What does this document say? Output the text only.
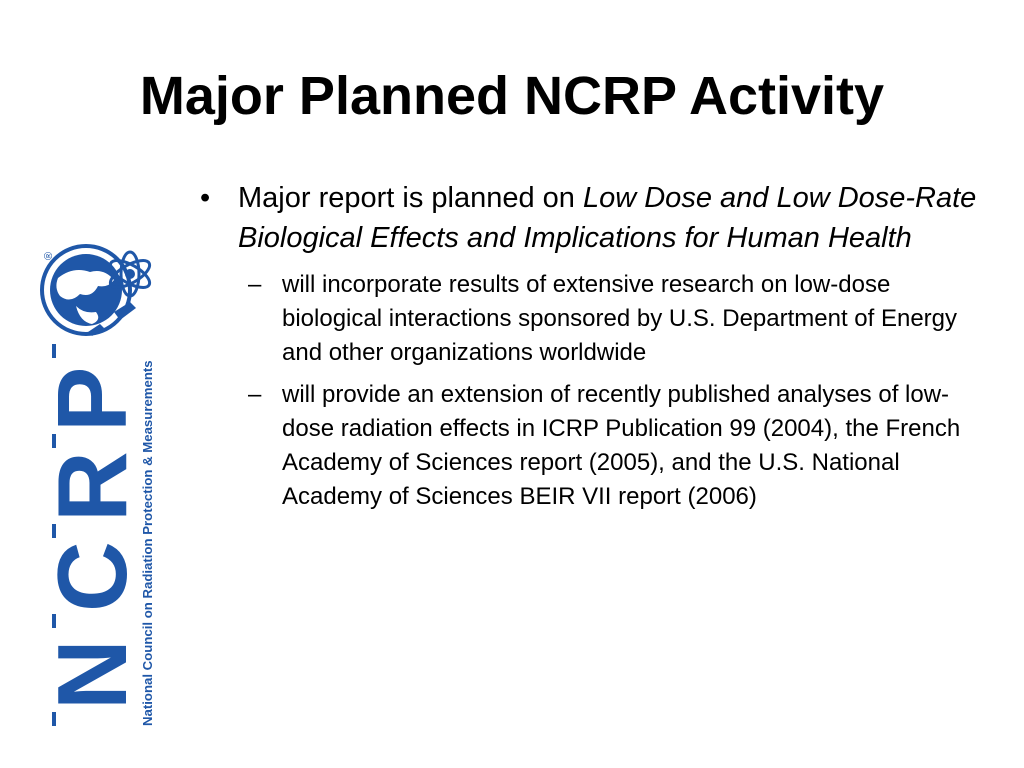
Major Planned NCRP Activity
®
N
C
R
P
National Council on Radiation Protection & Measurements
• Major report is planned on Low Dose and Low Dose-Rate Biological Effects and Implications for Human Health
– will incorporate results of extensive research on low-dose biological interactions sponsored by U.S. Department of Energy and other organizations worldwide
– will provide an extension of recently published analyses of low-dose radiation effects in ICRP Publication 99 (2004), the French Academy of Sciences report (2005), and the U.S. National Academy of Sciences BEIR VII report (2006)
